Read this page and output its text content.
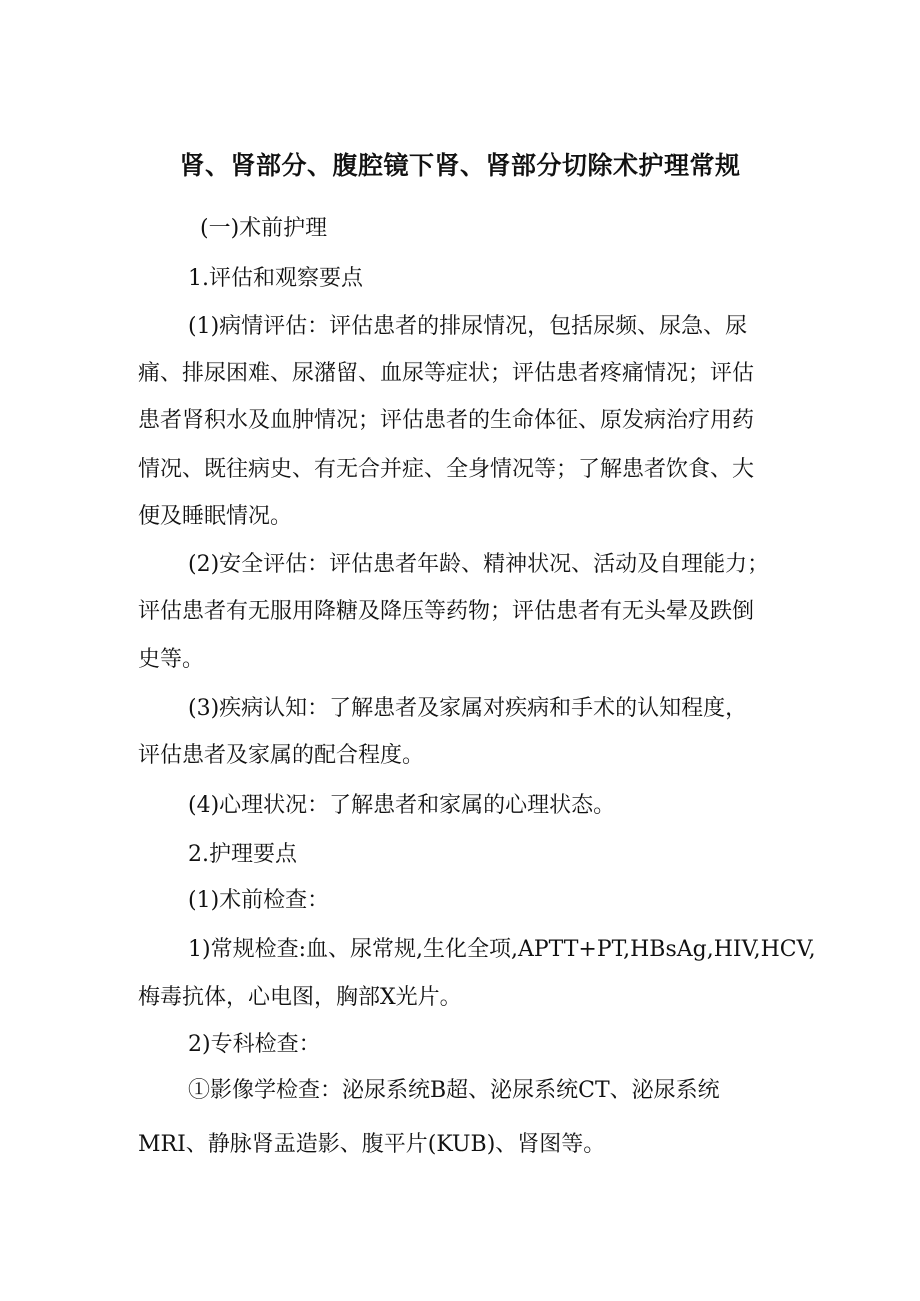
肾、肾部分、腹腔镜下肾、肾部分切除术护理常规

(一)术前护理

1.评估和观察要点

(1)病情评估：评估患者的排尿情况，包括尿频、尿急、尿

痛、排尿困难、尿潴留、血尿等症状；评估患者疼痛情况；评估

患者肾积水及血肿情况；评估患者的生命体征、原发病治疗用药

情况、既往病史、有无合并症、全身情况等；了解患者饮食、大

便及睡眠情况。

(2)安全评估：评估患者年龄、精神状况、活动及自理能力；

评估患者有无服用降糖及降压等药物；评估患者有无头晕及跌倒

史等。

(3)疾病认知：了解患者及家属对疾病和手术的认知程度，

评估患者及家属的配合程度。

(4)心理状况：了解患者和家属的心理状态。

2.护理要点

(1)术前检查：

1)常规检查:血、尿常规,生化全项,APTT+PT,HBsAg,HIV,HCV,

梅毒抗体，心电图，胸部X光片。

2)专科检查：

①影像学检查：泌尿系统B超、泌尿系统CT、泌尿系统

MRI、静脉肾盂造影、腹平片(KUB)、肾图等。
